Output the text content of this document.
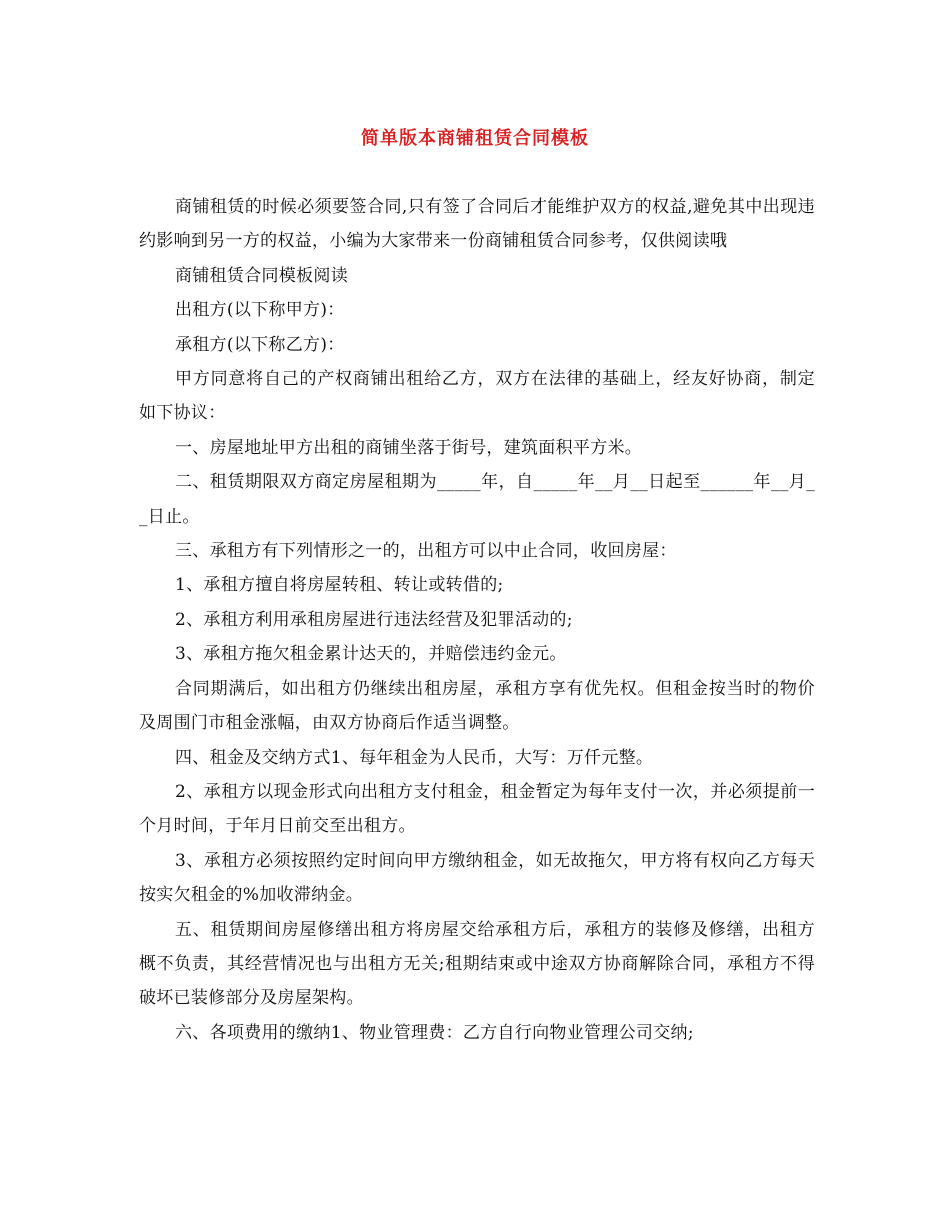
简单版本商铺租赁合同模板

商铺租赁的时候必须要签合同,只有签了合同后才能维护双方的权益,避免其中出现违约影响到另一方的权益，小编为大家带来一份商铺租赁合同参考，仅供阅读哦

商铺租赁合同模板阅读

出租方(以下称甲方)：

承租方(以下称乙方)：

甲方同意将自己的产权商铺出租给乙方，双方在法律的基础上，经友好协商，制定如下协议：

一、房屋地址甲方出租的商铺坐落于街号，建筑面积平方米。

二、租赁期限双方商定房屋租期为_____年，自_____年__月__日起至______年__月__日止。

三、承租方有下列情形之一的，出租方可以中止合同，收回房屋：

1、承租方擅自将房屋转租、转让或转借的;

2、承租方利用承租房屋进行违法经营及犯罪活动的;

3、承租方拖欠租金累计达天的，并赔偿违约金元。

合同期满后，如出租方仍继续出租房屋，承租方享有优先权。但租金按当时的物价及周围门市租金涨幅，由双方协商后作适当调整。

四、租金及交纳方式1、每年租金为人民币，大写：万仟元整。

2、承租方以现金形式向出租方支付租金，租金暂定为每年支付一次，并必须提前一个月时间，于年月日前交至出租方。

3、承租方必须按照约定时间向甲方缴纳租金，如无故拖欠，甲方将有权向乙方每天按实欠租金的%加收滞纳金。

五、租赁期间房屋修缮出租方将房屋交给承租方后，承租方的装修及修缮，出租方概不负责，其经营情况也与出租方无关;租期结束或中途双方协商解除合同，承租方不得破坏已装修部分及房屋架构。

六、各项费用的缴纳1、物业管理费：乙方自行向物业管理公司交纳;
